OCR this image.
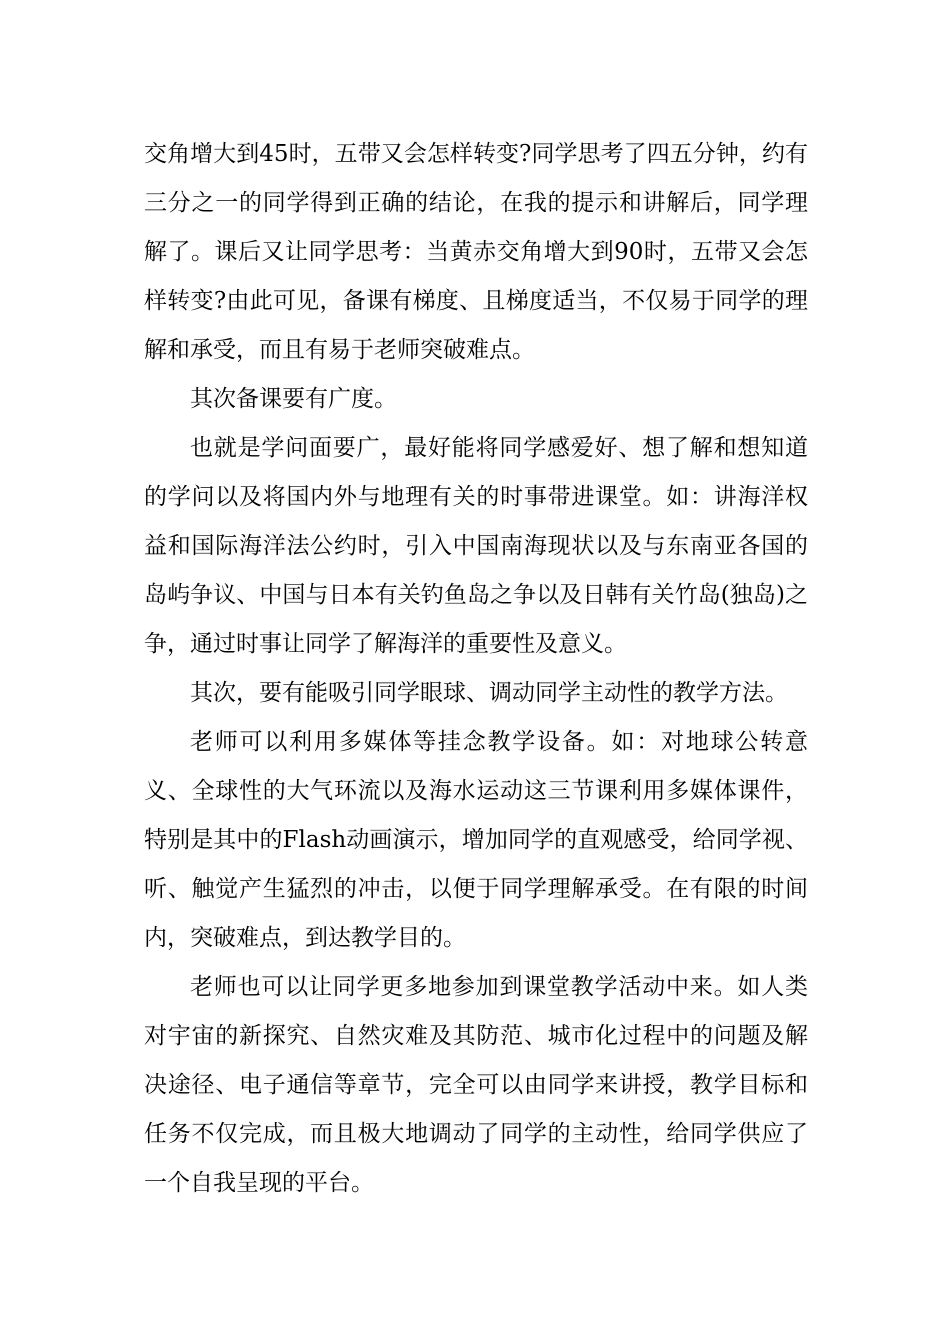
交角增大到45时，五带又会怎样转变?同学思考了四五分钟，约有三分之一的同学得到正确的结论，在我的提示和讲解后，同学理解了。课后又让同学思考：当黄赤交角增大到90时，五带又会怎样转变?由此可见，备课有梯度、且梯度适当，不仅易于同学的理解和承受，而且有易于老师突破难点。

其次备课要有广度。

也就是学问面要广，最好能将同学感爱好、想了解和想知道的学问以及将国内外与地理有关的时事带进课堂。如：讲海洋权益和国际海洋法公约时，引入中国南海现状以及与东南亚各国的岛屿争议、中国与日本有关钓鱼岛之争以及日韩有关竹岛(独岛)之争，通过时事让同学了解海洋的重要性及意义。

其次，要有能吸引同学眼球、调动同学主动性的教学方法。

老师可以利用多媒体等挂念教学设备。如：对地球公转意义、全球性的大气环流以及海水运动这三节课利用多媒体课件，特别是其中的Flash动画演示，增加同学的直观感受，给同学视、听、触觉产生猛烈的冲击，以便于同学理解承受。在有限的时间内，突破难点，到达教学目的。

老师也可以让同学更多地参加到课堂教学活动中来。如人类对宇宙的新探究、自然灾难及其防范、城市化过程中的问题及解决途径、电子通信等章节，完全可以由同学来讲授，教学目标和任务不仅完成，而且极大地调动了同学的主动性，给同学供应了一个自我呈现的平台。
